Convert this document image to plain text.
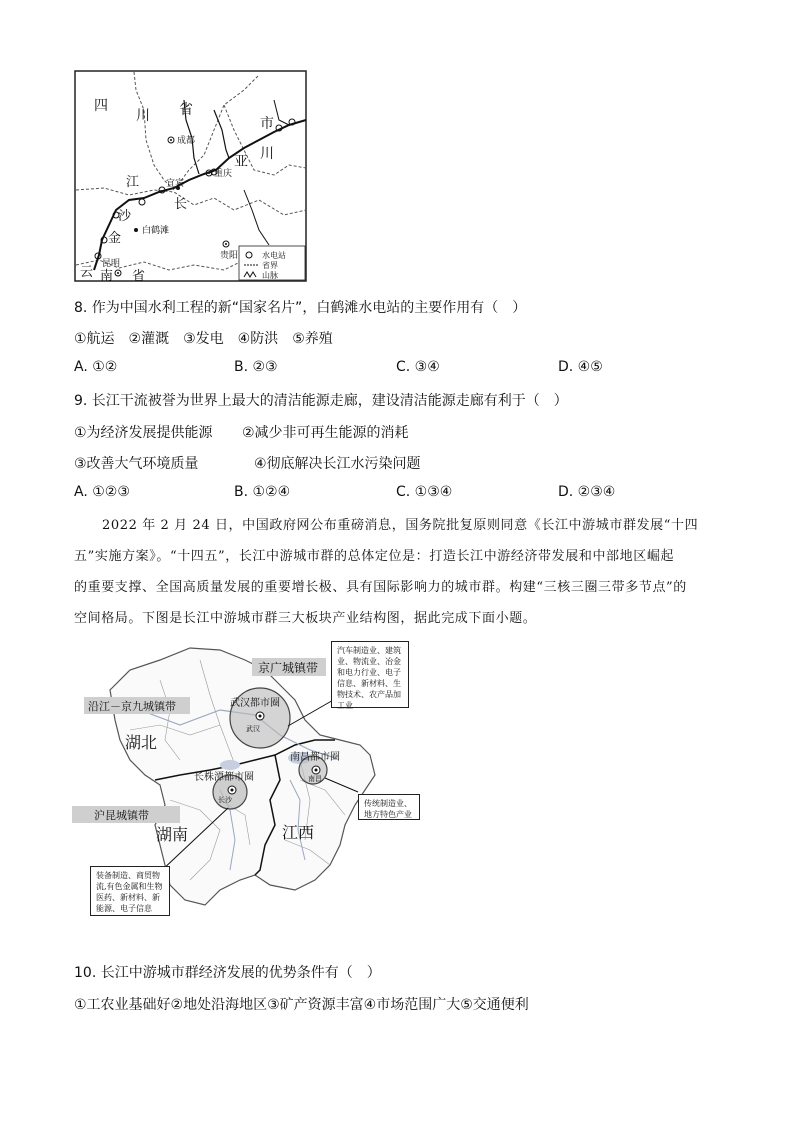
四
川 省
成都
重庆
宜宾
贵阳
昆明
白鹤滩
江
沙
金
长
市
川
亚
云 南 省
水电站
省界
山脉
8. 作为中国水利工程的新“国家名片”，白鹤滩水电站的主要作用有（　）
①航运　②灌溉　③发电　④防洪　⑤养殖
A. ①②	B. ②③	C. ③④	D. ④⑤
9. 长江干流被誉为世界上最大的清洁能源走廊，建设清洁能源走廊有利于（　）
①为经济发展提供能源 ②减少非可再生能源的消耗
③改善大气环境质量	④彻底解决长江水污染问题
A. ①②③	B. ①②④	C. ①③④	D. ②③④
2022 年 2 月 24 日，中国政府网公布重磅消息，国务院批复原则同意《长江中游城市群发展“十四
五”实施方案》。“十四五”，长江中游城市群的总体定位是：打造长江中游经济带发展和中部地区崛起
的重要支撑、全国高质量发展的重要增长极、具有国际影响力的城市群。构建“三核三圈三带多节点”的
空间格局。下图是长江中游城市群三大板块产业结构图，据此完成下面小题。
京广城镇带
沿江－京九城镇带
沪昆城镇带
湖北
湖南	江西
武汉都市圈
武汉
长株潭都市圈
长沙
南昌都市圈
南昌
汽车制造业、建筑业、物流业、冶金和电力行业、电子信息、新材料、生物技术、农产品加工业
传统制造业、地方特色产业
装备制造、商贸物流,有色金属和生物医药、新材料、新能源、电子信息
10. 长江中游城市群经济发展的优势条件有（　）
①工农业基础好②地处沿海地区③矿产资源丰富④市场范围广大⑤交通便利
